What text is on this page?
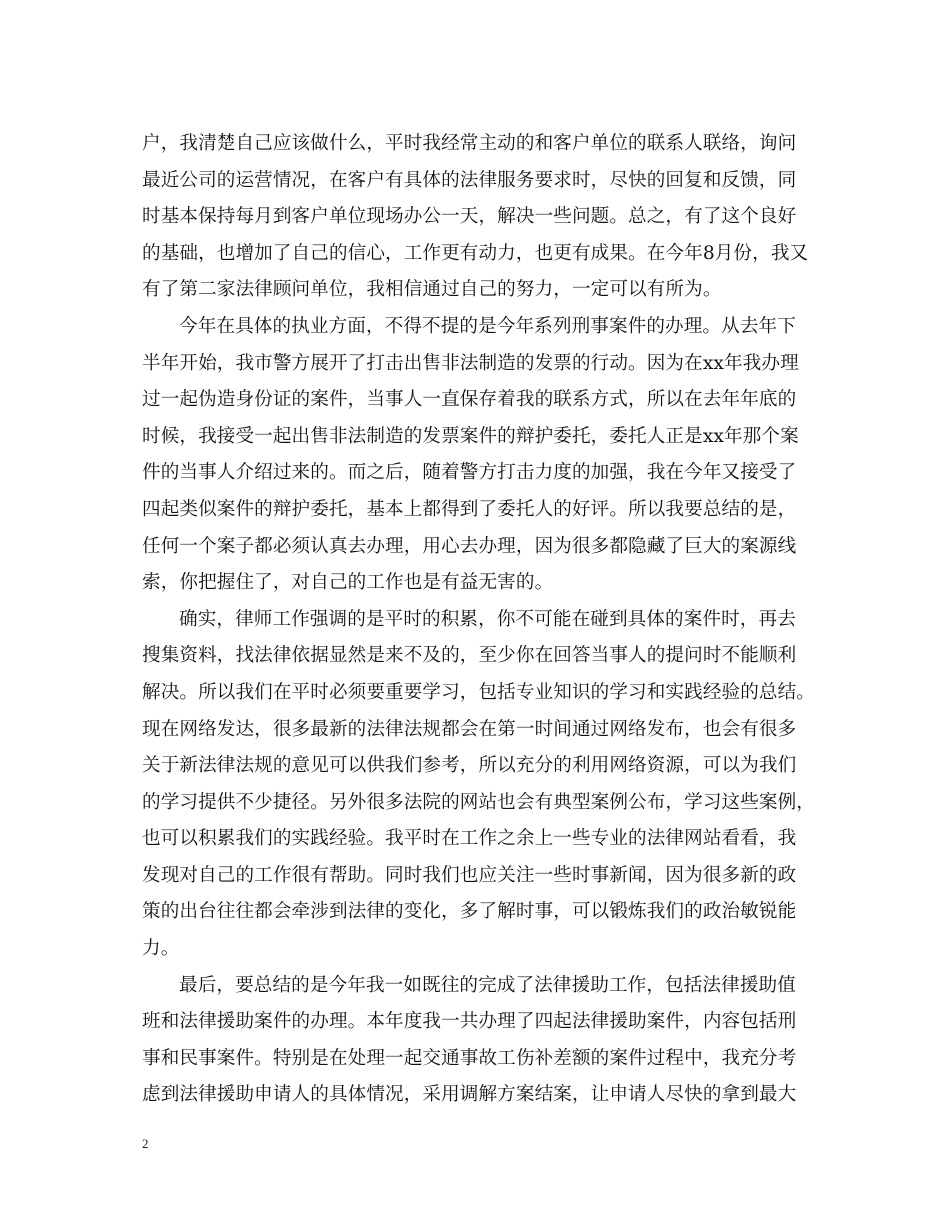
户，我清楚自己应该做什么，平时我经常主动的和客户单位的联系人联络，询问
最近公司的运营情况，在客户有具体的法律服务要求时，尽快的回复和反馈，同
时基本保持每月到客户单位现场办公一天，解决一些问题。总之，有了这个良好
的基础，也增加了自己的信心，工作更有动力，也更有成果。在今年8月份，我又
有了第二家法律顾问单位，我相信通过自己的努力，一定可以有所为。
今年在具体的执业方面，不得不提的是今年系列刑事案件的办理。从去年下
半年开始，我市警方展开了打击出售非法制造的发票的行动。因为在xx年我办理
过一起伪造身份证的案件，当事人一直保存着我的联系方式，所以在去年年底的
时候，我接受一起出售非法制造的发票案件的辩护委托，委托人正是xx年那个案
件的当事人介绍过来的。而之后，随着警方打击力度的加强，我在今年又接受了
四起类似案件的辩护委托，基本上都得到了委托人的好评。所以我要总结的是，
任何一个案子都必须认真去办理，用心去办理，因为很多都隐藏了巨大的案源线
索，你把握住了，对自己的工作也是有益无害的。
确实，律师工作强调的是平时的积累，你不可能在碰到具体的案件时，再去
搜集资料，找法律依据显然是来不及的，至少你在回答当事人的提问时不能顺利
解决。所以我们在平时必须要重要学习，包括专业知识的学习和实践经验的总结。
现在网络发达，很多最新的法律法规都会在第一时间通过网络发布，也会有很多
关于新法律法规的意见可以供我们参考，所以充分的利用网络资源，可以为我们
的学习提供不少捷径。另外很多法院的网站也会有典型案例公布，学习这些案例，
也可以积累我们的实践经验。我平时在工作之余上一些专业的法律网站看看，我
发现对自己的工作很有帮助。同时我们也应关注一些时事新闻，因为很多新的政
策的出台往往都会牵涉到法律的变化，多了解时事，可以锻炼我们的政治敏锐能
力。
最后，要总结的是今年我一如既往的完成了法律援助工作，包括法律援助值
班和法律援助案件的办理。本年度我一共办理了四起法律援助案件，内容包括刑
事和民事案件。特别是在处理一起交通事故工伤补差额的案件过程中，我充分考
虑到法律援助申请人的具体情况，采用调解方案结案，让申请人尽快的拿到最大
2
